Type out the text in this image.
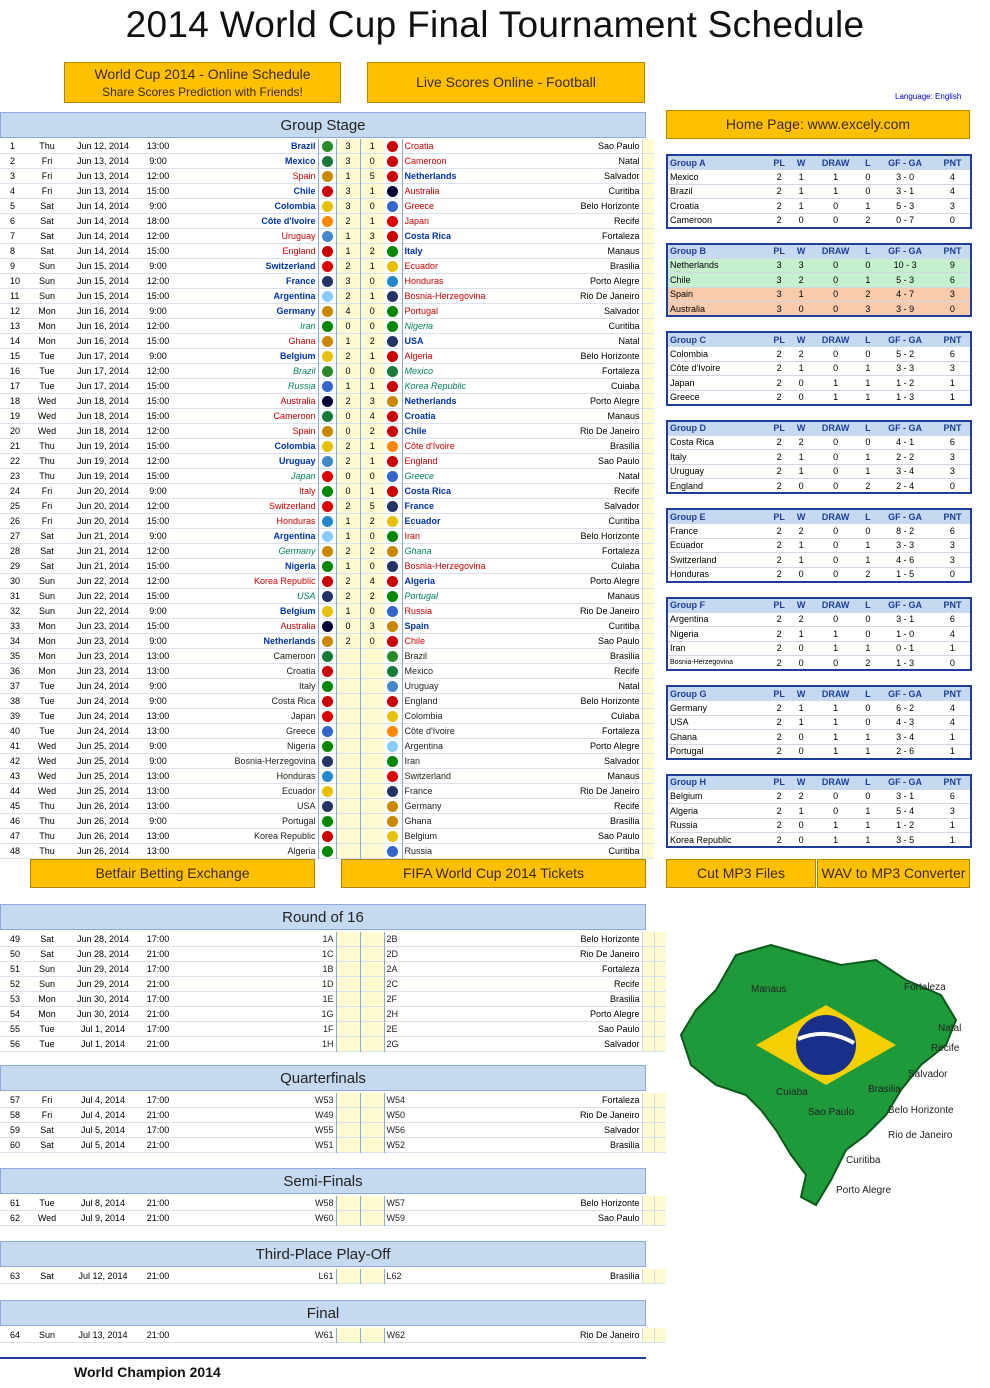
2014 World Cup Final Tournament Schedule
World Cup 2014 - Online Schedule
Share Scores Prediction with Friends!
Live Scores Online - Football
Language: English
Home Page: www.excely.com
Group Stage
1	Thu	Jun 12, 2014	13:00	Brazil		3	1		Croatia	Sao Paulo	
2	Fri	Jun 13, 2014	9:00	Mexico		3	0		Cameroon	Natal	
3	Fri	Jun 13, 2014	12:00	Spain		1	5		Netherlands	Salvador	
4	Fri	Jun 13, 2014	15:00	Chile		3	1		Australia	Curitiba	
5	Sat	Jun 14, 2014	9:00	Colombia		3	0		Greece	Belo Horizonte	
6	Sat	Jun 14, 2014	18:00	Côte d'Ivoire		2	1		Japan	Recife	
7	Sat	Jun 14, 2014	12:00	Uruguay		1	3		Costa Rica	Fortaleza	
8	Sat	Jun 14, 2014	15:00	England		1	2		Italy	Manaus	
9	Sun	Jun 15, 2014	9:00	Switzerland		2	1		Ecuador	Brasilia	
10	Sun	Jun 15, 2014	12:00	France		3	0		Honduras	Porto Alegre	
11	Sun	Jun 15, 2014	15:00	Argentina		2	1		Bosnia-Herzegovina	Rio De Janeiro	
12	Mon	Jun 16, 2014	9:00	Germany		4	0		Portugal	Salvador	
13	Mon	Jun 16, 2014	12:00	Iran		0	0		Nigeria	Curitiba	
14	Mon	Jun 16, 2014	15:00	Ghana		1	2		USA	Natal	
15	Tue	Jun 17, 2014	9:00	Belgium		2	1		Algeria	Belo Horizonte	
16	Tue	Jun 17, 2014	12:00	Brazil		0	0		Mexico	Fortaleza	
17	Tue	Jun 17, 2014	15:00	Russia		1	1		Korea Republic	Cuiaba	
18	Wed	Jun 18, 2014	15:00	Australia		2	3		Netherlands	Porto Alegre	
19	Wed	Jun 18, 2014	15:00	Cameroon		0	4		Croatia	Manaus	
20	Wed	Jun 18, 2014	12:00	Spain		0	2		Chile	Rio De Janeiro	
21	Thu	Jun 19, 2014	15:00	Colombia		2	1		Côte d'Ivoire	Brasilia	
22	Thu	Jun 19, 2014	12:00	Uruguay		2	1		England	Sao Paulo	
23	Thu	Jun 19, 2014	15:00	Japan		0	0		Greece	Natal	
24	Fri	Jun 20, 2014	9:00	Italy		0	1		Costa Rica	Recife	
25	Fri	Jun 20, 2014	12:00	Switzerland		2	5		France	Salvador	
26	Fri	Jun 20, 2014	15:00	Honduras		1	2		Ecuador	Curitiba	
27	Sat	Jun 21, 2014	9:00	Argentina		1	0		Iran	Belo Horizonte	
28	Sat	Jun 21, 2014	12:00	Germany		2	2		Ghana	Fortaleza	
29	Sat	Jun 21, 2014	15:00	Nigeria		1	0		Bosnia-Herzegovina	Cuiaba	
30	Sun	Jun 22, 2014	12:00	Korea Republic		2	4		Algeria	Porto Alegre	
31	Sun	Jun 22, 2014	15:00	USA		2	2		Portugal	Manaus	
32	Sun	Jun 22, 2014	9:00	Belgium		1	0		Russia	Rio De Janeiro	
33	Mon	Jun 23, 2014	15:00	Australia		0	3		Spain	Curitiba	
34	Mon	Jun 23, 2014	9:00	Netherlands		2	0		Chile	Sao Paulo	
35	Mon	Jun 23, 2014	13:00	Cameroon					Brazil	Brasilia	
36	Mon	Jun 23, 2014	13:00	Croatia					Mexico	Recife	
37	Tue	Jun 24, 2014	9:00	Italy					Uruguay	Natal	
38	Tue	Jun 24, 2014	9:00	Costa Rica					England	Belo Horizonte	
39	Tue	Jun 24, 2014	13:00	Japan					Colombia	Cuiaba	
40	Tue	Jun 24, 2014	13:00	Greece					Côte d'Ivoire	Fortaleza	
41	Wed	Jun 25, 2014	9:00	Nigeria					Argentina	Porto Alegre	
42	Wed	Jun 25, 2014	9:00	Bosnia-Herzegovina					Iran	Salvador	
43	Wed	Jun 25, 2014	13:00	Honduras					Switzerland	Manaus	
44	Wed	Jun 25, 2014	13:00	Ecuador					France	Rio De Janeiro	
45	Thu	Jun 26, 2014	13:00	USA					Germany	Recife	
46	Thu	Jun 26, 2014	9:00	Portugal					Ghana	Brasilia	
47	Thu	Jun 26, 2014	13:00	Korea Republic					Belgium	Sao Paulo	
48	Thu	Jun 26, 2014	13:00	Algeria					Russia	Curitiba	
Group A	PL	W	DRAW	L	GF - GA	PNT
Mexico	2	1	1	0	3 - 0	4
Brazil	2	1	1	0	3 - 1	4
Croatia	2	1	0	1	5 - 3	3
Cameroon	2	0	0	2	0 - 7	0
Group B	PL	W	DRAW	L	GF - GA	PNT
Netherlands	3	3	0	0	10 - 3	9
Chile	3	2	0	1	5 - 3	6
Spain	3	1	0	2	4 - 7	3
Australia	3	0	0	3	3 - 9	0
Group C	PL	W	DRAW	L	GF - GA	PNT
Colombia	2	2	0	0	5 - 2	6
Côte d'Ivoire	2	1	0	1	3 - 3	3
Japan	2	0	1	1	1 - 2	1
Greece	2	0	1	1	1 - 3	1
Group D	PL	W	DRAW	L	GF - GA	PNT
Costa Rica	2	2	0	0	4 - 1	6
Italy	2	1	0	1	2 - 2	3
Uruguay	2	1	0	1	3 - 4	3
England	2	0	0	2	2 - 4	0
Group E	PL	W	DRAW	L	GF - GA	PNT
France	2	2	0	0	8 - 2	6
Ecuador	2	1	0	1	3 - 3	3
Switzerland	2	1	0	1	4 - 6	3
Honduras	2	0	0	2	1 - 5	0
Group F	PL	W	DRAW	L	GF - GA	PNT
Argentina	2	2	0	0	3 - 1	6
Nigeria	2	1	1	0	1 - 0	4
Iran	2	0	1	1	0 - 1	1
Bosnia-Herzegovina	2	0	0	2	1 - 3	0
Group G	PL	W	DRAW	L	GF - GA	PNT
Germany	2	1	1	0	6 - 2	4
USA	2	1	1	0	4 - 3	4
Ghana	2	0	1	1	3 - 4	1
Portugal	2	0	1	1	2 - 6	1
Group H	PL	W	DRAW	L	GF - GA	PNT
Belgium	2	2	0	0	3 - 1	6
Algeria	2	1	0	1	5 - 4	3
Russia	2	0	1	1	1 - 2	1
Korea Republic	2	0	1	1	3 - 5	1
Betfair Betting Exchange	FIFA World Cup 2014 Tickets	Cut MP3 Files	WAV to MP3 Converter
Round of 16
49	Sat	Jun 28, 2014	17:00	1A			2B	Belo Horizonte		
50	Sat	Jun 28, 2014	21:00	1C			2D	Rio De Janeiro		
51	Sun	Jun 29, 2014	17:00	1B			2A	Fortaleza		
52	Sun	Jun 29, 2014	21:00	1D			2C	Recife		
53	Mon	Jun 30, 2014	17:00	1E			2F	Brasilia		
54	Mon	Jun 30, 2014	21:00	1G			2H	Porto Alegre		
55	Tue	Jul 1, 2014	17:00	1F			2E	Sao Paulo		
56	Tue	Jul 1, 2014	21:00	1H			2G	Salvador		
Quarterfinals
57	Fri	Jul 4, 2014	17:00	W53			W54	Fortaleza		
58	Fri	Jul 4, 2014	21:00	W49			W50	Rio De Janeiro		
59	Sat	Jul 5, 2014	17:00	W55			W56	Salvador		
60	Sat	Jul 5, 2014	21:00	W51			W52	Brasilia		
Semi-Finals
61	Tue	Jul 8, 2014	21:00	W58			W57	Belo Horizonte		
62	Wed	Jul 9, 2014	21:00	W60			W59	Sao Paulo		
Third-Place Play-Off
63	Sat	Jul 12, 2014	21:00	L61			L62	Brasilia		
Final
64	Sun	Jul 13, 2014	21:00	W61			W62	Rio De Janeiro		
World Champion 2014
Manaus	Fortaleza
Natal
Recife
Salvador
Cuiaba	Brasilia
Belo Horizonte
Sao Paulo
Rio de Janeiro
Curitiba
Porto Alegre
